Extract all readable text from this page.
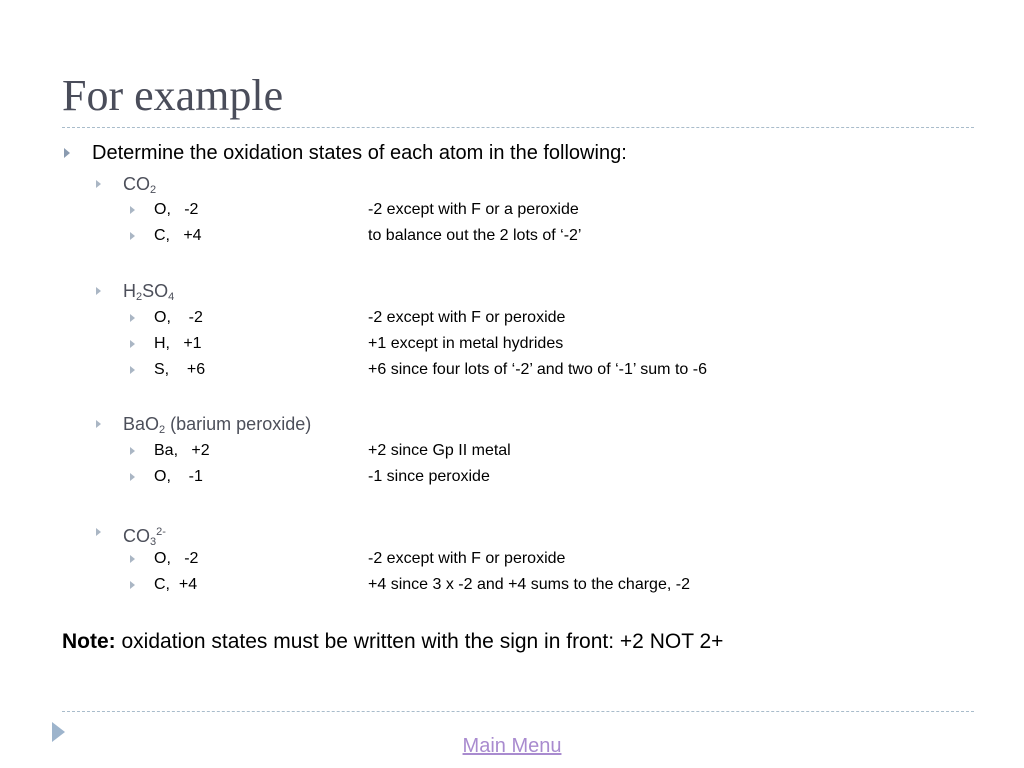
For example
Determine the oxidation states of each atom in the following:
$CO_2$
O,   -2	-2 except with F or a peroxide
C,   +4	to balance out the 2 lots of ‘-2’
$H_2SO_4$
O,    -2	-2 except with F or peroxide
H,   +1	+1 except in metal hydrides
S,    +6	+6 since four lots of ‘-2’ and two of ‘-1’ sum to -6
BaO$_2$ (barium peroxide)
Ba,   +2	+2 since Gp II metal
O,    -1	-1 since peroxide
$CO_3^{2-}$
O,   -2	-2 except with F or peroxide
C,  +4	+4 since 3 x -2 and +4 sums to the charge, -2
Note: oxidation states must be written with the sign in front: +2 NOT 2+
Main Menu
